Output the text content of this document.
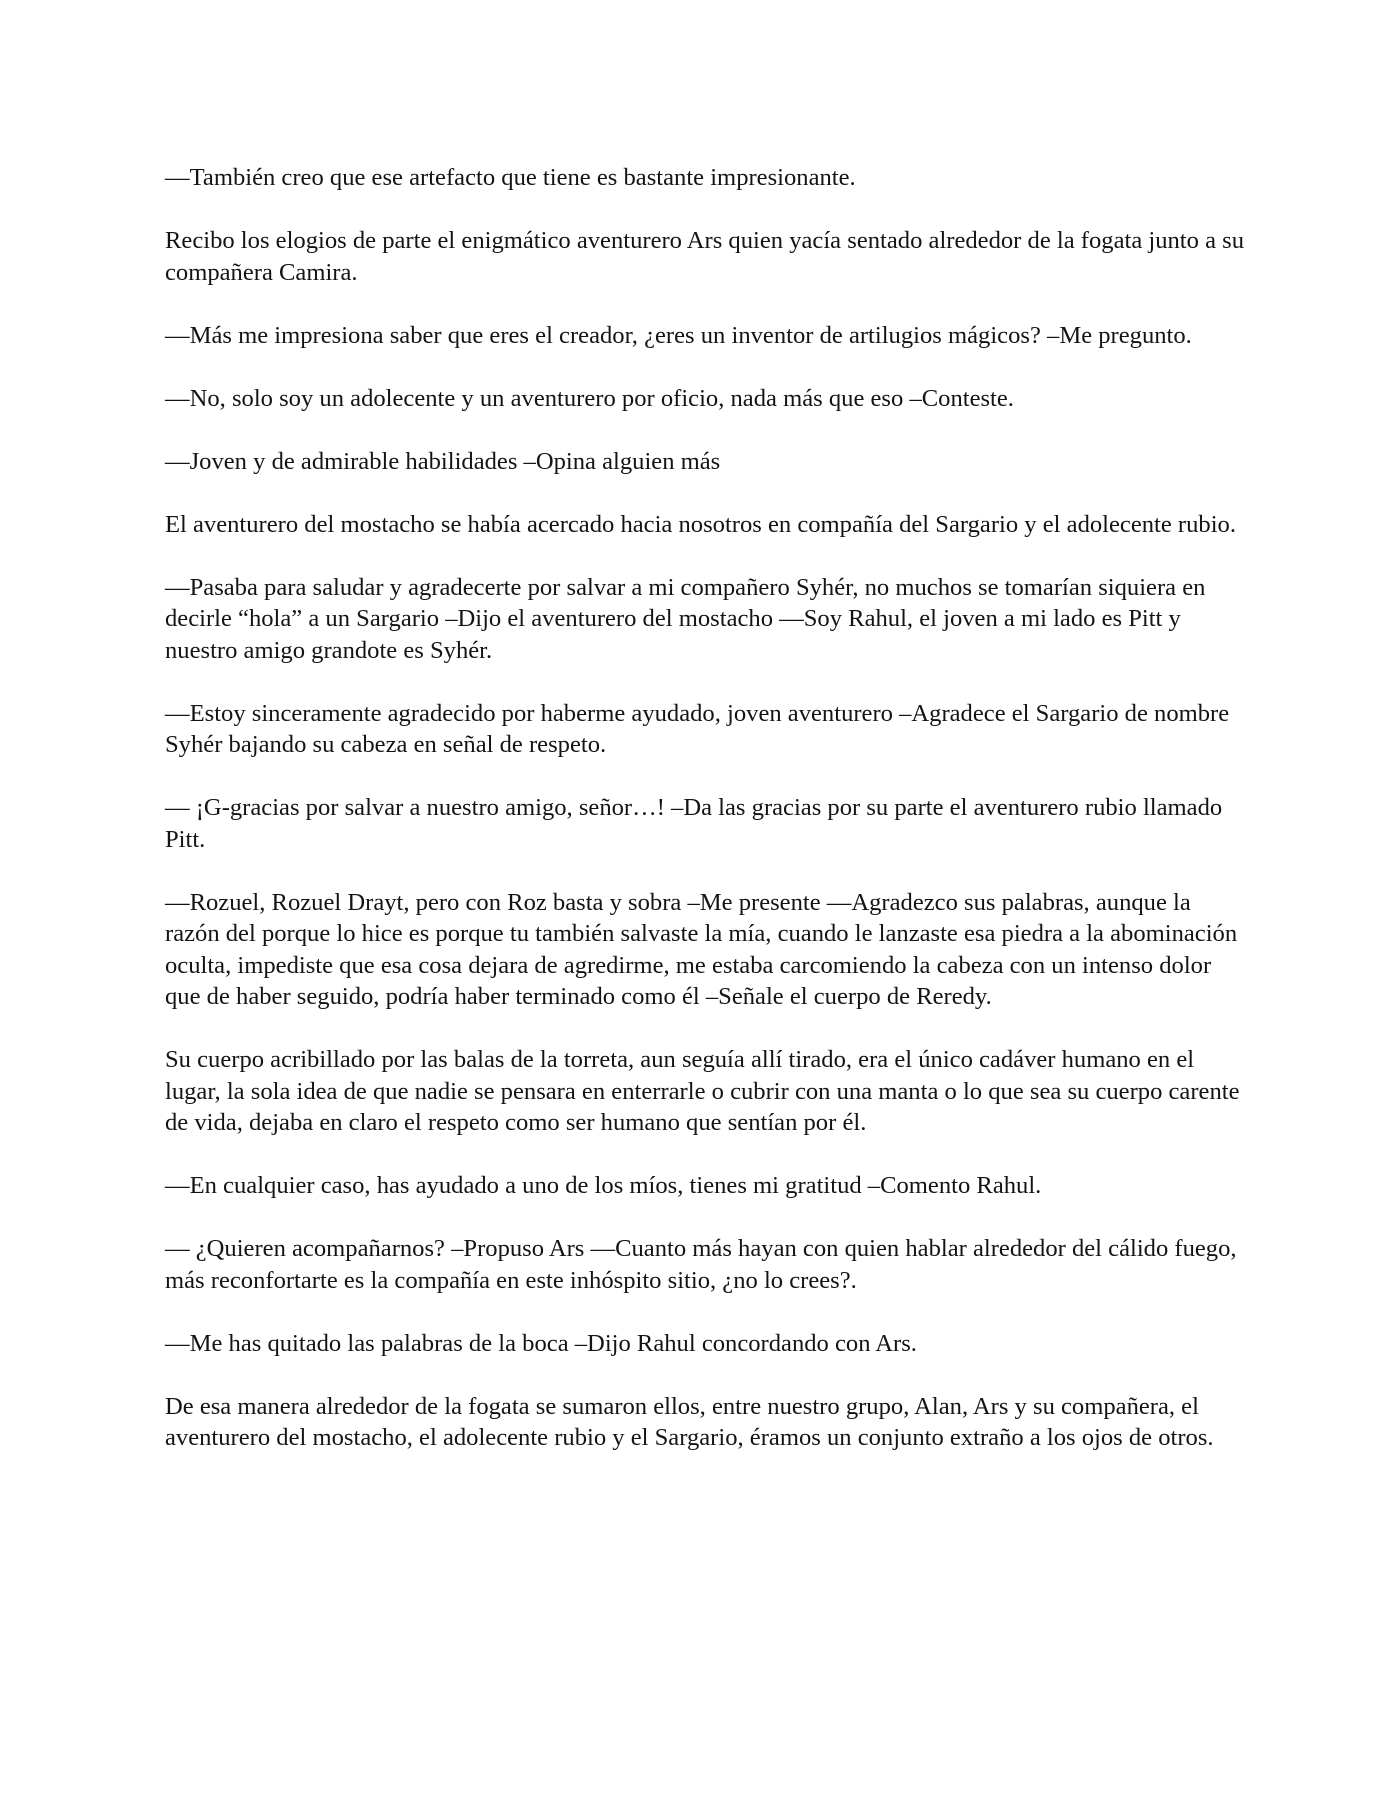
—También creo que ese artefacto que tiene es bastante impresionante.

Recibo los elogios de parte el enigmático aventurero Ars quien yacía sentado alrededor de la fogata junto a su compañera Camira.

—Más me impresiona saber que eres el creador, ¿eres un inventor de artilugios mágicos? –Me pregunto.

—No, solo soy un adolecente y un aventurero por oficio, nada más que eso –Conteste.

—Joven y de admirable habilidades –Opina alguien más

El aventurero del mostacho se había acercado hacia nosotros en compañía del Sargario y el adolecente rubio.

—Pasaba para saludar y agradecerte por salvar a mi compañero Syhér, no muchos se tomarían siquiera en decirle “hola” a un Sargario –Dijo el aventurero del mostacho —Soy Rahul, el joven a mi lado es Pitt y nuestro amigo grandote es Syhér.

—Estoy sinceramente agradecido por haberme ayudado, joven aventurero –Agradece el Sargario de nombre Syhér bajando su cabeza en señal de respeto.

— ¡G-gracias por salvar a nuestro amigo, señor…! –Da las gracias por su parte el aventurero rubio llamado Pitt.

—Rozuel, Rozuel Drayt, pero con Roz basta y sobra –Me presente —Agradezco sus palabras, aunque la razón del porque lo hice es porque tu también salvaste la mía, cuando le lanzaste esa piedra a la abominación oculta, impediste que esa cosa dejara de agredirme, me estaba carcomiendo la cabeza con un intenso dolor que de haber seguido, podría haber terminado como él –Señale el cuerpo de Reredy.

Su cuerpo acribillado por las balas de la torreta, aun seguía allí tirado, era el único cadáver humano en el lugar, la sola idea de que nadie se pensara en enterrarle o cubrir con una manta o lo que sea su cuerpo carente de vida, dejaba en claro el respeto como ser humano que sentían por él.

—En cualquier caso, has ayudado a uno de los míos, tienes mi gratitud –Comento Rahul.

— ¿Quieren acompañarnos? –Propuso Ars —Cuanto más hayan con quien hablar alrededor del cálido fuego, más reconfortarte es la compañía en este inhóspito sitio, ¿no lo crees?.

—Me has quitado las palabras de la boca –Dijo Rahul concordando con Ars.

De esa manera alrededor de la fogata se sumaron ellos, entre nuestro grupo, Alan, Ars y su compañera, el aventurero del mostacho, el adolecente rubio y el Sargario, éramos un conjunto extraño a los ojos de otros.
